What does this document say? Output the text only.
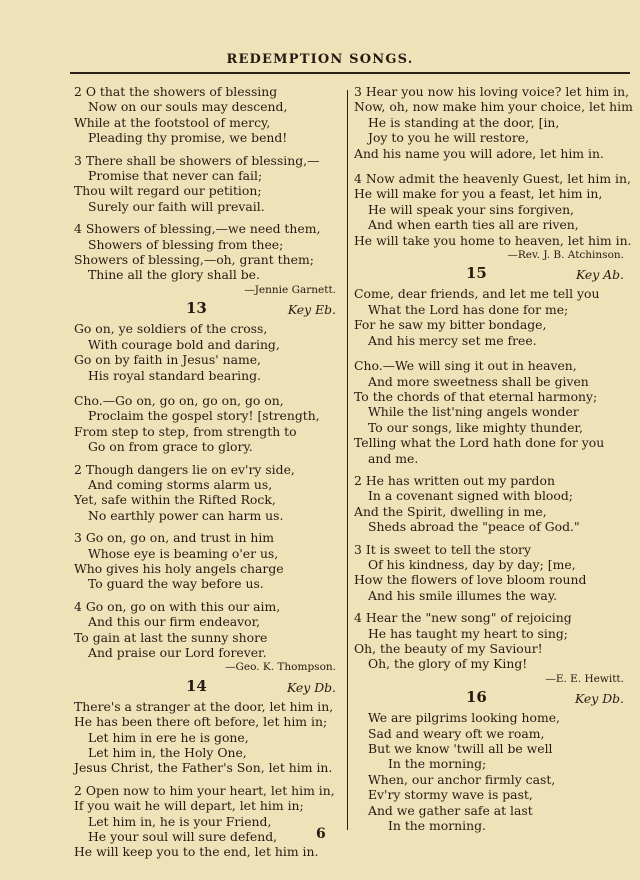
REDEMPTION SONGS.

2 O that the showers of blessing

Now on our souls may descend,

While at the footstool of mercy,

Pleading thy promise, we bend!

3 There shall be showers of blessing,—

Promise that never can fail;

Thou wilt regard our petition;

Surely our faith will prevail.

4 Showers of blessing,—we need them,

Showers of blessing from thee;

Showers of blessing,—oh, grant them;

Thine all the glory shall be.

—Jennie Garnett.

13	Key Eb.

Go on, ye soldiers of the cross,

With courage bold and daring,

Go on by faith in Jesus' name,

His royal standard bearing.

Cho.—Go on, go on, go on, go on,

Proclaim the gospel story! [strength,

From step to step, from strength to

Go on from grace to glory.

2 Though dangers lie on ev'ry side,

And coming storms alarm us,

Yet, safe within the Rifted Rock,

No earthly power can harm us.

3 Go on, go on, and trust in him

Whose eye is beaming o'er us,

Who gives his holy angels charge

To guard the way before us.

4 Go on, go on with this our aim,

And this our firm endeavor,

To gain at last the sunny shore

And praise our Lord forever.

—Geo. K. Thompson.

14	Key Db.

There's a stranger at the door, let him in,

He has been there oft before, let him in;

Let him in ere he is gone,

Let him in, the Holy One,

Jesus Christ, the Father's Son, let him in.

2 Open now to him your heart, let him in,

If you wait he will depart, let him in;

Let him in, he is your Friend,

He your soul will sure defend,

He will keep you to the end, let him in.

3 Hear you now his loving voice? let him in,

Now, oh, now make him your choice, let him

He is standing at the door, [in,

Joy to you he will restore,

And his name you will adore, let him in.

4 Now admit the heavenly Guest, let him in,

He will make for you a feast, let him in,

He will speak your sins forgiven,

And when earth ties all are riven,

He will take you home to heaven, let him in.

—Rev. J. B. Atchinson.

15	Key Ab.

Come, dear friends, and let me tell you

What the Lord has done for me;

For he saw my bitter bondage,

And his mercy set me free.

Cho.—We will sing it out in heaven,

And more sweetness shall be given

To the chords of that eternal harmony;

While the list'ning angels wonder

To our songs, like mighty thunder,

Telling what the Lord hath done for you

and me.

2 He has written out my pardon

In a covenant signed with blood;

And the Spirit, dwelling in me,

Sheds abroad the "peace of God."

3 It is sweet to tell the story

Of his kindness, day by day; [me,

How the flowers of love bloom round

And his smile illumes the way.

4 Hear the "new song" of rejoicing

He has taught my heart to sing;

Oh, the beauty of my Saviour!

Oh, the glory of my King!

—E. E. Hewitt.

16	Key Db.

We are pilgrims looking home,

Sad and weary oft we roam,

But we know 'twill all be well

In the morning;

When, our anchor firmly cast,

Ev'ry stormy wave is past,

And we gather safe at last

In the morning.

6
